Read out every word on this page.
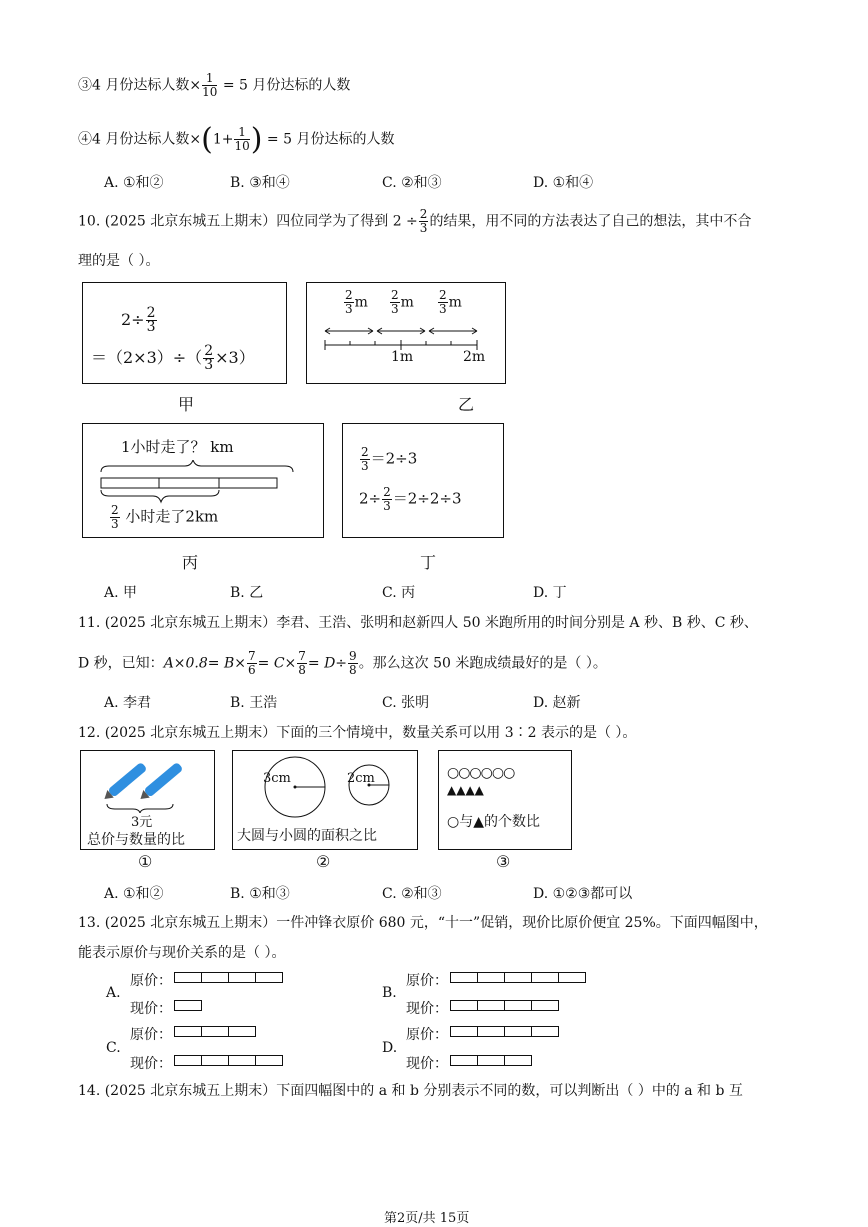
③4 月份达标人数× $\frac{1}{10} = 5$ 月份达标的人数
④4 月份达标人数$\times(1+ \frac{1}{10}$ ) = 5 月份达标的人数
A. ①和②	B. ③和④	C. ②和③	D. ①和④
10. (2025 北京东城五上期末）四位同学为了得到 $2 \div \frac{2}{3}$ 的结果，用不同的方法表达了自己的想法，其中不合
理的是（ ）。
$2\div \frac{2}{3}$
$=(2\times 3)\div( \frac{2}{3} \times 3)$
甲
$\frac{2}{3}$ m $\frac{2}{3}$ m $\frac{2}{3}$ m
1m	2m
乙
1小时走了？ km
$\frac{2}{3}$ 小时走了2km
丙
$\frac{2}{3} =2\div 3$
$2\div \frac{2}{3} =2\div 2\div 3$
丁
A. 甲	B. 乙	C. 丙	D. 丁
11. (2025 北京东城五上期末）李君、王浩、张明和赵新四人 50 米跑所用的时间分别是 A 秒、B 秒、C 秒、
D 秒，已知：$A\times 0.8= B\times \frac{7}{6} = C\times \frac{7}{8} = D\div \frac{9}{8}$ 。那么这次 50 米跑成绩最好的是（ ）。
A. 李君	B. 王浩	C. 张明	D. 赵新
12. (2025 北京东城五上期末）下面的三个情境中，数量关系可以用 3∶2 表示的是（ ）。
3元
总价与数量的比
①
3cm	2cm
大圆与小圆的面积之比
②
○○○○○○
▲▲▲▲
○与▲的个数比
③
A. ①和②	B. ①和③	C. ②和③	D. ①②③都可以
13. (2025 北京东城五上期末）一件冲锋衣原价 680 元，“十一”促销，现价比原价便宜 25%。下面四幅图中，
能表示原价与现价关系的是（ ）。
A.
原价：
现价：
B.
原价：
现价：
C.
原价：
现价：
D.
原价：
现价：
14. (2025 北京东城五上期末）下面四幅图中的 a 和 b 分别表示不同的数，可以判断出（ ）中的 a 和 b 互
第2页/共 15页
